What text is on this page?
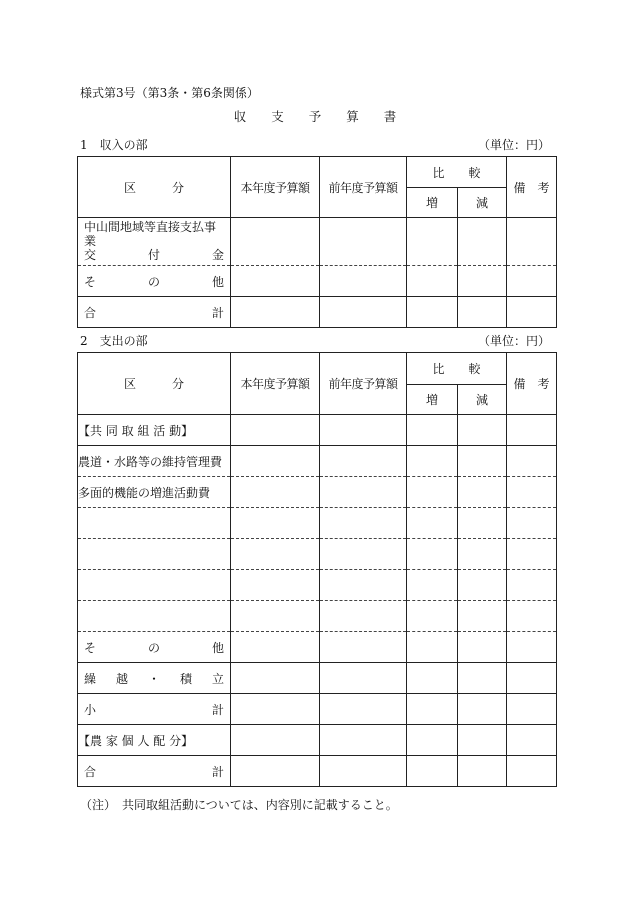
様式第3号（第3条・第6条関係）
収　　支　　予　　算　　書
1　収入の部	（単位：円）
区　　　分	本年度予算額	前年度予算額	比　　較		備　考
			増	減	

中山間地域等直接支払事業
交 付 金					

そ の 他					

合 計					

2　支出の部	（単位：円）
区　　　分	本年度予算額	前年度予算額	比　　較		備　考
			増	減	
【共 同 取 組 活 動】					
農道・水路等の維持管理費					
多面的機能の増進活動費					

そ の 他					

繰 越 ・ 積 立					

小 計					

【農 家 個 人 配 分】					

合 計					

（注）　共同取組活動については、内容別に記載すること。
